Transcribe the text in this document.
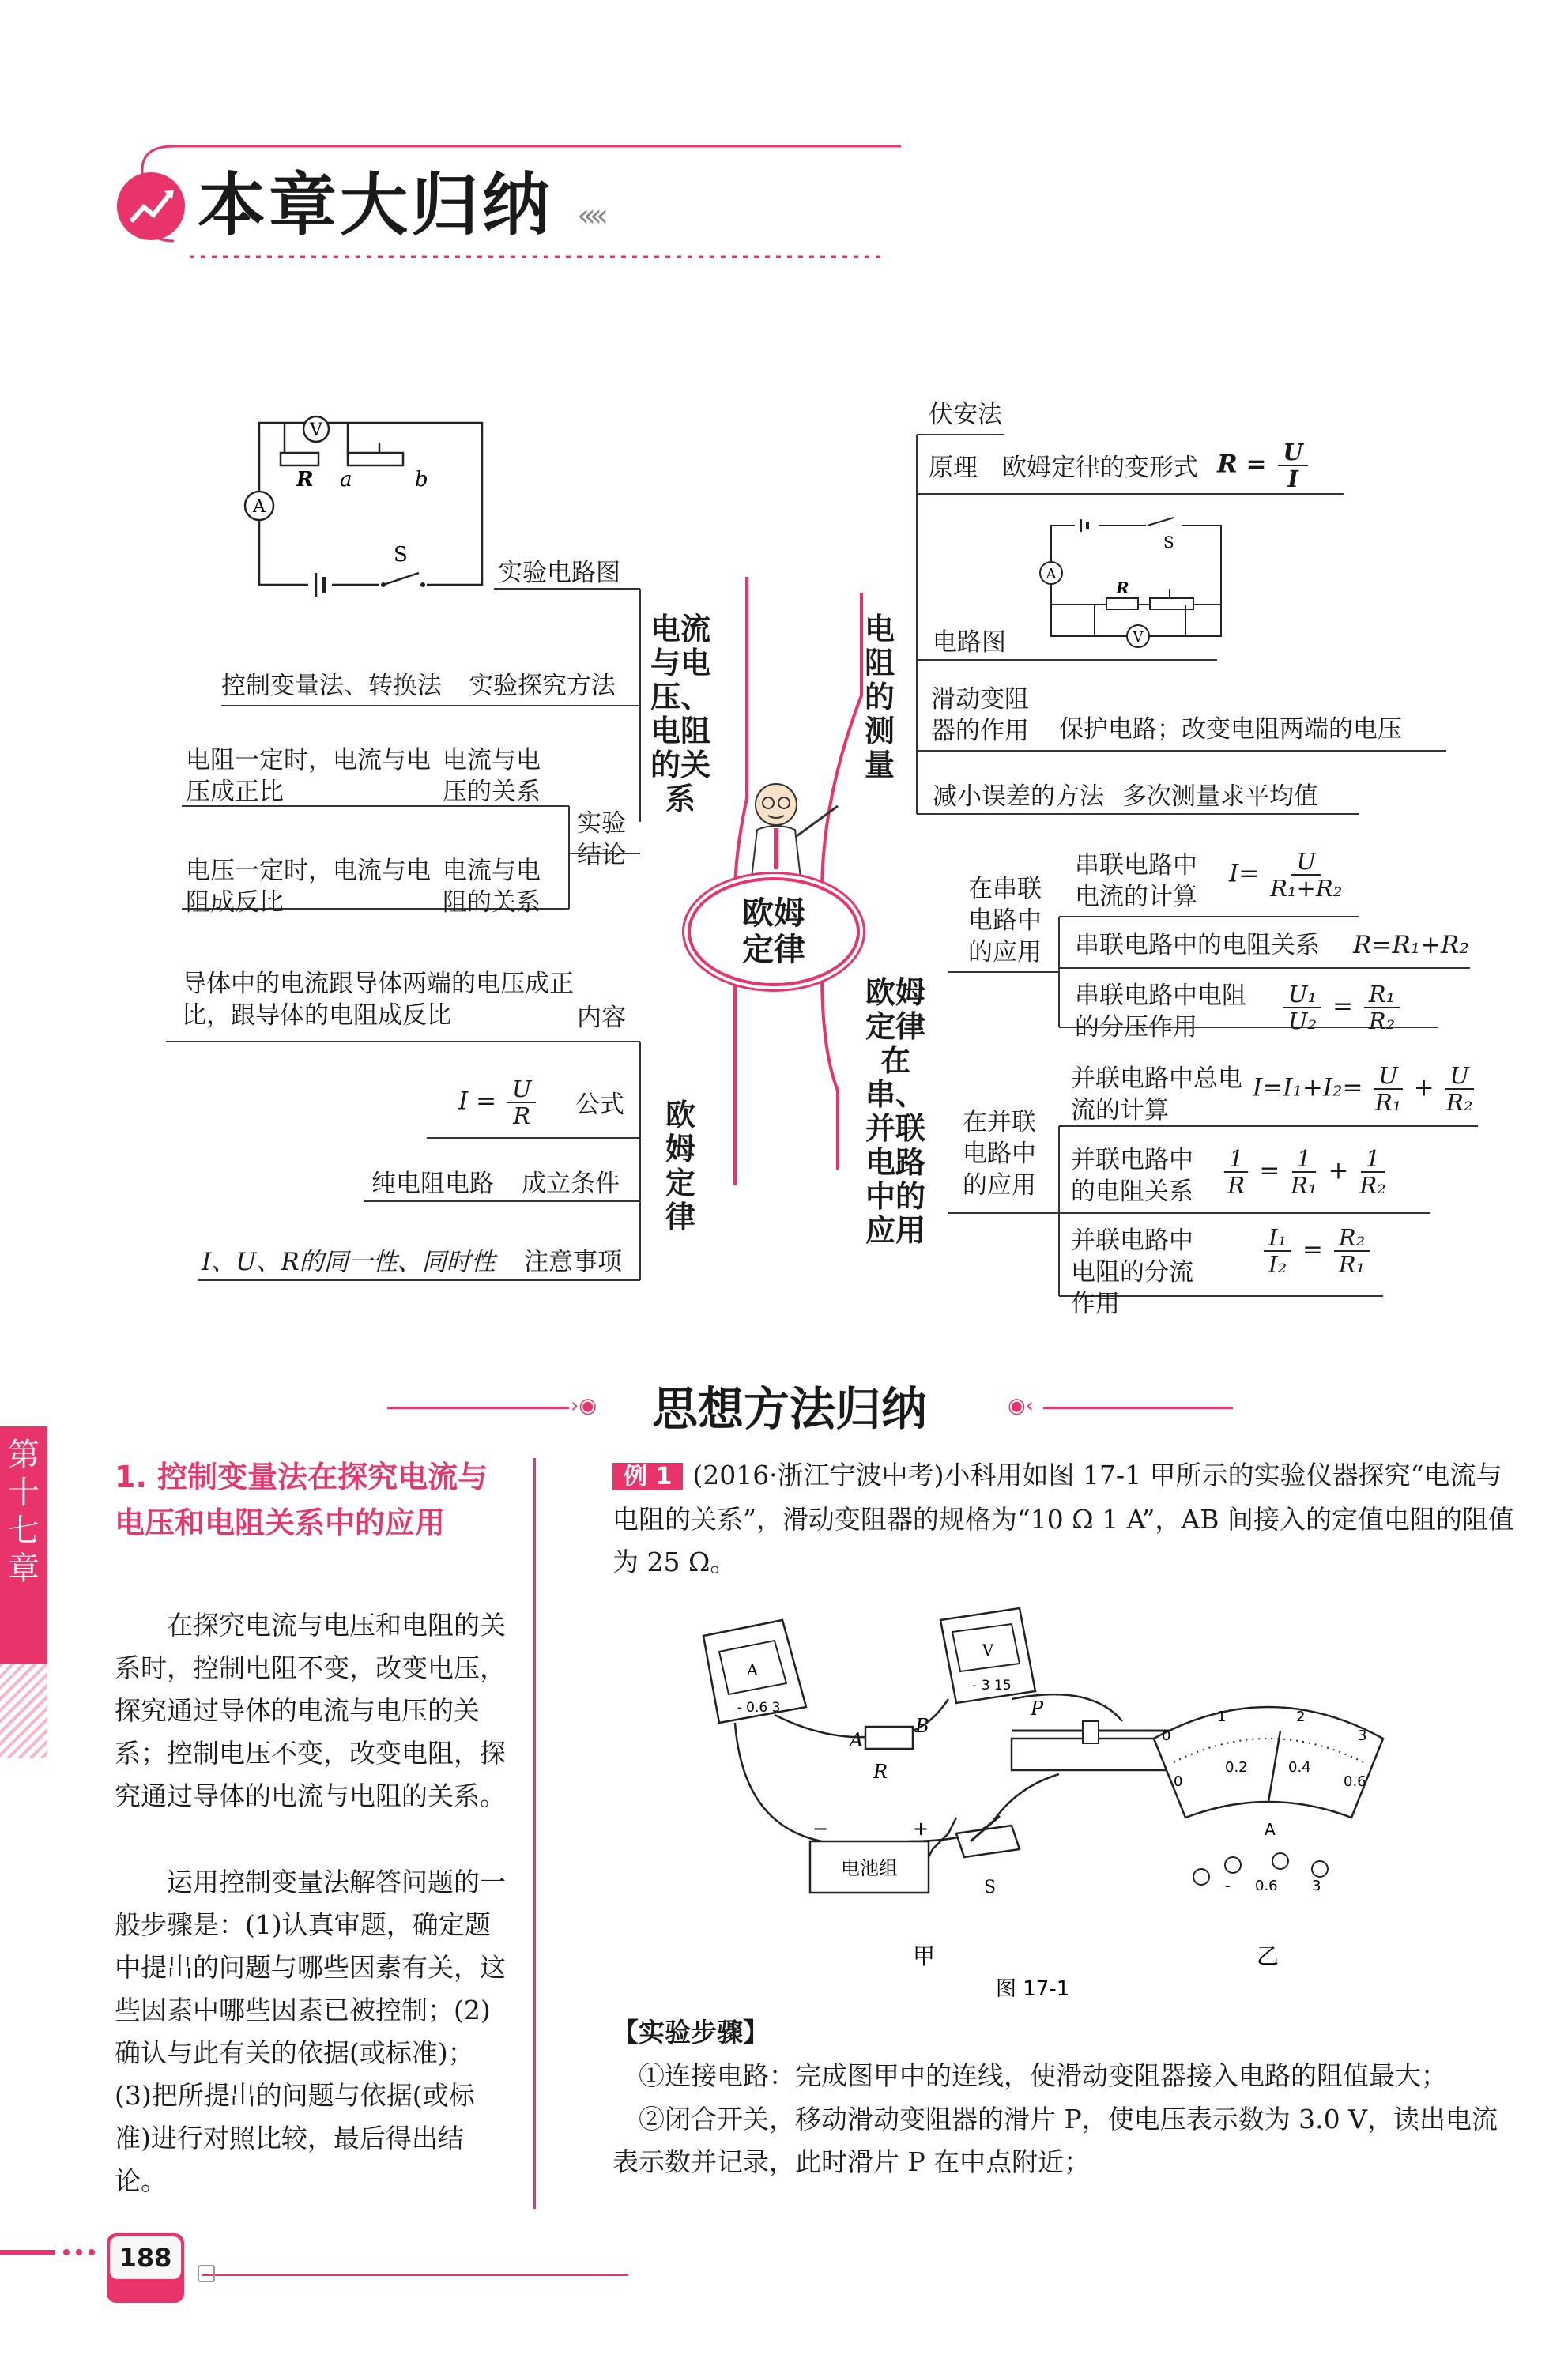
本章大归纳 ‹‹‹‹
V
A
R a	b
S
实验电路图
电流与电压、电阻的关系
控制变量法、转换法 实验探究方法
电阻一定时，电流与电压成正比
电流与电压的关系
实验结论
电压一定时，电流与电阻成反比
电流与电阻的关系	欧姆定律
导体中的电流跟导体两端的电压成正比，跟导体的电阻成反比	内容
$I = \frac{U}{R}$ 公式 欧姆定律
纯电阻电路 成立条件
I、U、R的同一性、同时性 注意事项
电阻的测量
伏安法
原理 欧姆定律的变形式 $R = \frac{U}{I}$
S
A
R
V
电路图
滑动变阻器的作用	保护电路；改变电阻两端的电压
减小误差的方法 多次测量求平均值
欧姆定律在串、并联电路中的应用
在串联电路中的应用
串联电路中电流的计算
$I= \frac{U}{\text{R₁+R₂}}$
串联电路中的电阻关系 R=R₁+R₂
串联电路中电阻的分压作用	$\frac{\text{U₁}}{\text{U₂}} = \frac{\text{R₁}}{\text{R₂}}$
在并联电路中的应用
并联电路中总电流的计算
$I=I_1+I_2= \frac{U}{\text{R₁}} + \frac{U}{\text{R₂}}$
并联电路中的电阻关系	$\frac{1}{R} = \frac{1}{\text{R₁}} + \frac{1}{\text{R₂}}$
并联电路中电阻的分流作用
$\frac{\text{I₁}}{\text{I₂}} = \frac{\text{R₂}}{\text{R₁}}$
›◉ 思想方法归纳	◉‹
第十七章
1. 控制变量法在探究电流与电压和电阻关系中的应用
在探究电流与电压和电阻的关系时，控制电阻不变，改变电压，探究通过导体的电流与电压的关系；控制电压不变，改变电阻，探究通过导体的电流与电阻的关系。
运用控制变量法解答问题的一般步骤是：(1)认真审题，确定题中提出的问题与哪些因素有关，这些因素中哪些因素已被控制；(2)确认与此有关的依据(或标准)；(3)把所提出的问题与依据(或标准)进行对照比较，最后得出结论。
例 1 (2016·浙江宁波中考)小科用如图 17-1 甲所示的实验仪器探究“电流与电阻的关系”，滑动变阻器的规格为“10 Ω 1 A”，AB 间接入的定值电阻的阻值为 25 Ω。
A
- 0.6 3
V
- 3 15
A
B
R
P
电池组
−	+
S
0
1	2
3
0
0.2	0.4
0.6
A
- 0.6 3
甲	乙
图 17-1
【实验步骤】
①连接电路：完成图甲中的连线，使滑动变阻器接入电路的阻值最大；
②闭合开关，移动滑动变阻器的滑片 P，使电压表示数为 3.0 V，读出电流表示数并记录，此时滑片 P 在中点附近；
188
